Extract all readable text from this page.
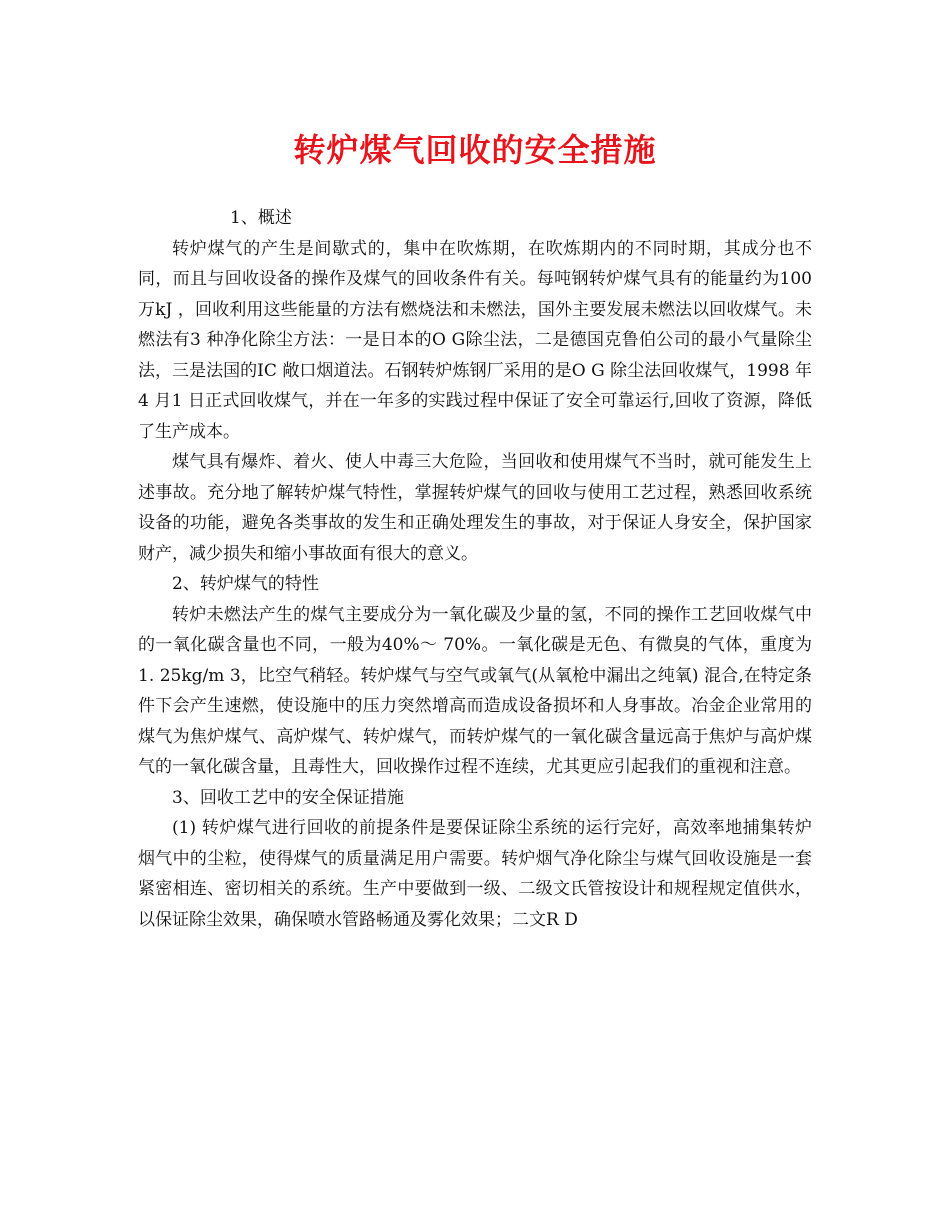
转炉煤气回收的安全措施

1、概述

转炉煤气的产生是间歇式的，集中在吹炼期，在吹炼期内的不同时期，其成分也不同，而且与回收设备的操作及煤气的回收条件有关。每吨钢转炉煤气具有的能量约为100 万kJ ，回收利用这些能量的方法有燃烧法和未燃法，国外主要发展未燃法以回收煤气。未燃法有3 种净化除尘方法：一是日本的O G除尘法，二是德国克鲁伯公司的最小气量除尘法，三是法国的IC 敞口烟道法。石钢转炉炼钢厂采用的是O G 除尘法回收煤气，1998 年4 月1 日正式回收煤气，并在一年多的实践过程中保证了安全可靠运行,回收了资源，降低了生产成本。

煤气具有爆炸、着火、使人中毒三大危险，当回收和使用煤气不当时，就可能发生上述事故。充分地了解转炉煤气特性，掌握转炉煤气的回收与使用工艺过程，熟悉回收系统设备的功能，避免各类事故的发生和正确处理发生的事故，对于保证人身安全，保护国家财产，减少损失和缩小事故面有很大的意义。

2、转炉煤气的特性

转炉未燃法产生的煤气主要成分为一氧化碳及少量的氢，不同的操作工艺回收煤气中的一氧化碳含量也不同，一般为40%～ 70%。一氧化碳是无色、有微臭的气体，重度为1. 25kg/m 3，比空气稍轻。转炉煤气与空气或氧气(从氧枪中漏出之纯氧) 混合,在特定条件下会产生速燃，使设施中的压力突然增高而造成设备损坏和人身事故。冶金企业常用的煤气为焦炉煤气、高炉煤气、转炉煤气，而转炉煤气的一氧化碳含量远高于焦炉与高炉煤气的一氧化碳含量，且毒性大，回收操作过程不连续，尤其更应引起我们的重视和注意。

3、回收工艺中的安全保证措施

(1) 转炉煤气进行回收的前提条件是要保证除尘系统的运行完好，高效率地捕集转炉烟气中的尘粒，使得煤气的质量满足用户需要。转炉烟气净化除尘与煤气回收设施是一套紧密相连、密切相关的系统。生产中要做到一级、二级文氏管按设计和规程规定值供水，以保证除尘效果，确保喷水管路畅通及雾化效果；二文R D
